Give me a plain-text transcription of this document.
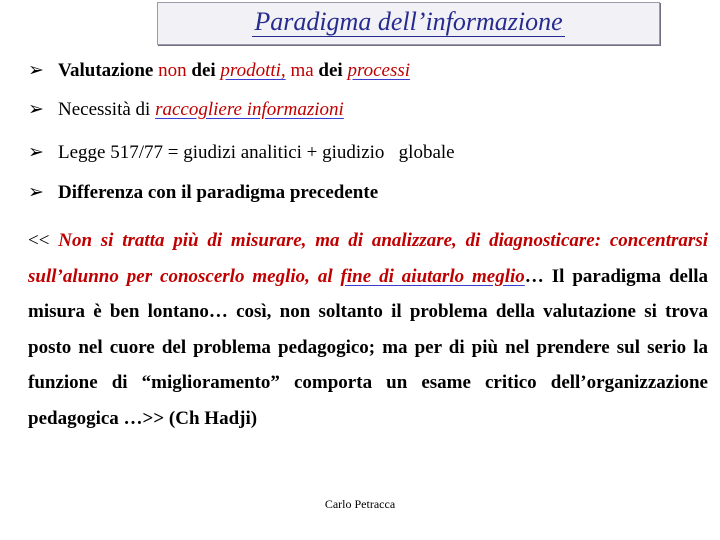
Paradigma dell’informazione
➢ Valutazione non dei prodotti, ma dei processi
➢ Necessità di raccogliere informazioni
➢ Legge 517/77 = giudizi analitici + giudizio   globale
➢ Differenza con il paradigma precedente

<< Non si tratta più di misurare, ma di analizzare, di diagnosticare: concentrarsi sull’alunno per conoscerlo meglio, al fine di aiutarlo meglio… Il paradigma della misura è ben lontano… così, non soltanto il problema della valutazione si trova posto nel cuore del problema pedagogico; ma per di più nel prendere sul serio la funzione di “miglioramento” comporta un esame critico dell’organizzazione pedagogica …>> (Ch Hadji)

Carlo Petracca
